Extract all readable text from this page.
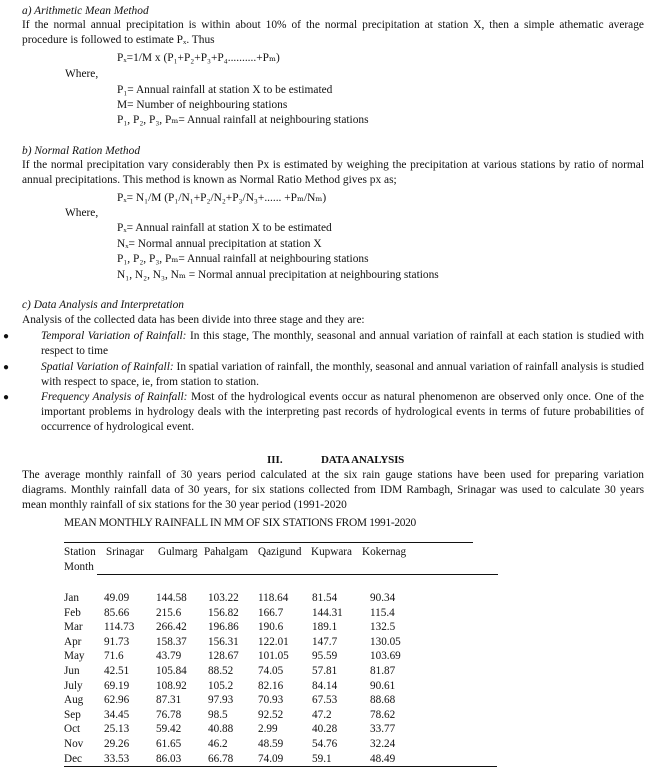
a) Arithmetic Mean Method
If the normal annual precipitation is within about 10% of the normal precipitation at station X, then a simple athematic average procedure is followed to estimate Pₓ. Thus
Pₓ=1/M x (P₁+P₂+P₃+P₄..........+Pₘ)
Where,
P₁= Annual rainfall at station X to be estimated
M= Number of neighbouring stations
P₁, P₂, P₃, Pₘ= Annual rainfall at neighbouring stations
b) Normal Ration Method
If the normal precipitation vary considerably then Px is estimated by weighing the precipitation at various stations by ratio of normal annual precipitations. This method is known as Normal Ratio Method gives px as;
Pₓ= N₁/M (P₁/N₁+P₂/N₂+P₃/N₃+...... +Pₘ/Nₘ)
Where,
Pₓ= Annual rainfall at station X to be estimated
Nₓ= Normal annual precipitation at station X
P₁, P₂, P₃, Pₘ= Annual rainfall at neighbouring stations
N₁, N₂, N₃, Nₘ = Normal annual precipitation at neighbouring stations
c) Data Analysis and Interpretation
Analysis of the collected data has been divide into three stage and they are:
●	Temporal Variation of Rainfall: In this stage, The monthly, seasonal and annual variation of rainfall at each station is studied with respect to time
●	Spatial Variation of Rainfall: In spatial variation of rainfall, the monthly, seasonal and annual variation of rainfall analysis is studied with respect to space, ie, from station to station.
●	Frequency Analysis of Rainfall: Most of the hydrological events occur as natural phenomenon are observed only once. One of the important problems in hydrology deals with the interpreting past records of hydrological events in terms of future probabilities of occurrence of hydrological event.
III.	DATA ANALYSIS
The average monthly rainfall of 30 years period calculated at the six rain gauge stations have been used for preparing variation diagrams. Monthly rainfall data of 30 years, for six stations collected from IDM Rambagh, Srinagar was used to calculate 30 years mean monthly rainfall of six stations for the 30 year period (1991-2020
MEAN MONTHLY RAINFALL IN MM OF SIX STATIONS FROM 1991-2020
Station Srinagar Gulmarg Pahalgam Qazigund Kupwara Kokernag
Month
Jan 49.09 144.58 103.22 118.64 81.54	90.34
Feb 85.66 215.6 156.82 166.7	144.31 115.4
Mar 114.73 266.42 196.86 190.6	189.1	132.5
Apr 91.73 158.37 156.31 122.01 147.7	130.05
May 71.6	43.79 128.67 101.05 95.59	103.69
Jun 42.51 105.84 88.52 74.05	57.81	81.87
July 69.19 108.92 105.2 82.16	84.14	90.61
Aug 62.96 87.31 97.93 70.93	67.53	88.68
Sep 34.45 76.78 98.5	92.52	47.2	78.62
Oct 25.13 59.42 40.88 2.99	40.28	33.77
Nov 29.26 61.65 46.2	48.59	54.76	32.24
Dec 33.53 86.03 66.78 74.09	59.1	48.49
